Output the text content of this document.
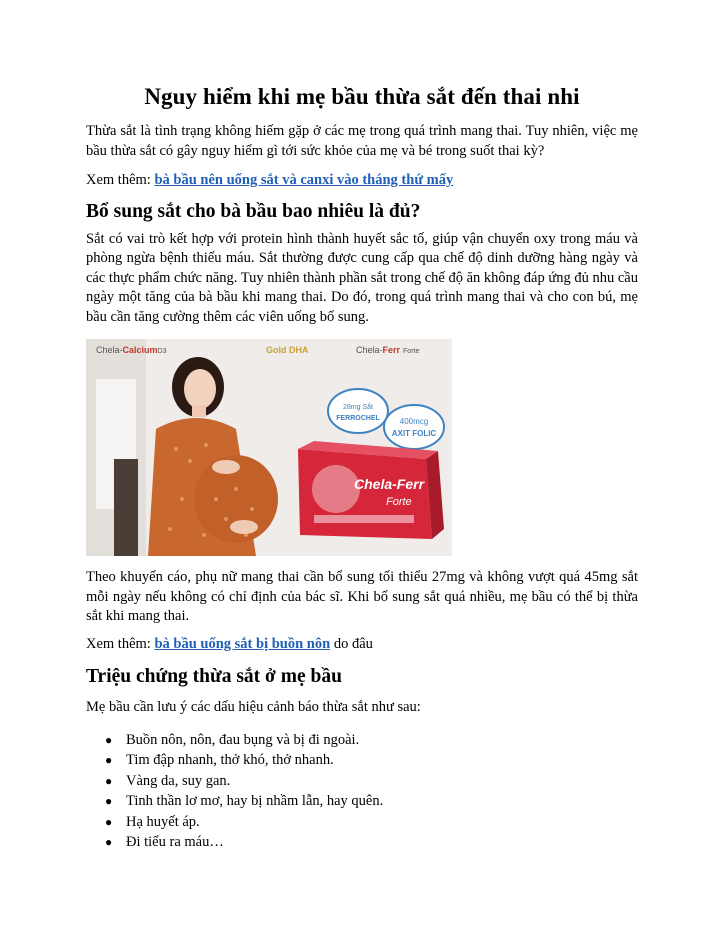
Nguy hiểm khi mẹ bầu thừa sắt đến thai nhi

Thừa sắt là tình trạng không hiếm gặp ở các mẹ trong quá trình mang thai. Tuy nhiên, việc mẹ bầu thừa sắt có gây nguy hiểm gì tới sức khỏe của mẹ và bé trong suốt thai kỳ?

Xem thêm: bà bầu nên uống sắt và canxi vào tháng thứ mấy

Bổ sung sắt cho bà bầu bao nhiêu là đủ?

Sắt có vai trò kết hợp với protein hình thành huyết sắc tố, giúp vận chuyển oxy trong máu và phòng ngừa bệnh thiếu máu. Sắt thường được cung cấp qua chế độ dinh dưỡng hàng ngày và các thực phẩm chức năng. Tuy nhiên thành phần sắt trong chế độ ăn không đáp ứng đủ nhu cầu ngày một tăng của bà bầu khi mang thai. Do đó, trong quá trình mang thai và cho con bú, mẹ bầu cần tăng cường thêm các viên uống bổ sung.

Chela-CalciumD3	Gold DHA	Chela-Ferr Forte
28mg Sắt
FERROCHEL 400mcg
AXIT FOLIC
Chela-Ferr
Forte

Theo khuyến cáo, phụ nữ mang thai cần bổ sung tối thiểu 27mg và không vượt quá 45mg sắt mỗi ngày nếu không có chỉ định của bác sĩ. Khi bổ sung sắt quá nhiều, mẹ bầu có thể bị thừa sắt khi mang thai.

Xem thêm: bà bầu uống sắt bị buồn nôn do đâu

Triệu chứng thừa sắt ở mẹ bầu

Mẹ bầu cần lưu ý các dấu hiệu cảnh báo thừa sắt như sau:

● Buồn nôn, nôn, đau bụng và bị đi ngoài.
● Tim đập nhanh, thở khó, thở nhanh.
● Vàng da, suy gan.
● Tinh thần lơ mơ, hay bị nhầm lẫn, hay quên.
● Hạ huyết áp.
● Đi tiểu ra máu…
